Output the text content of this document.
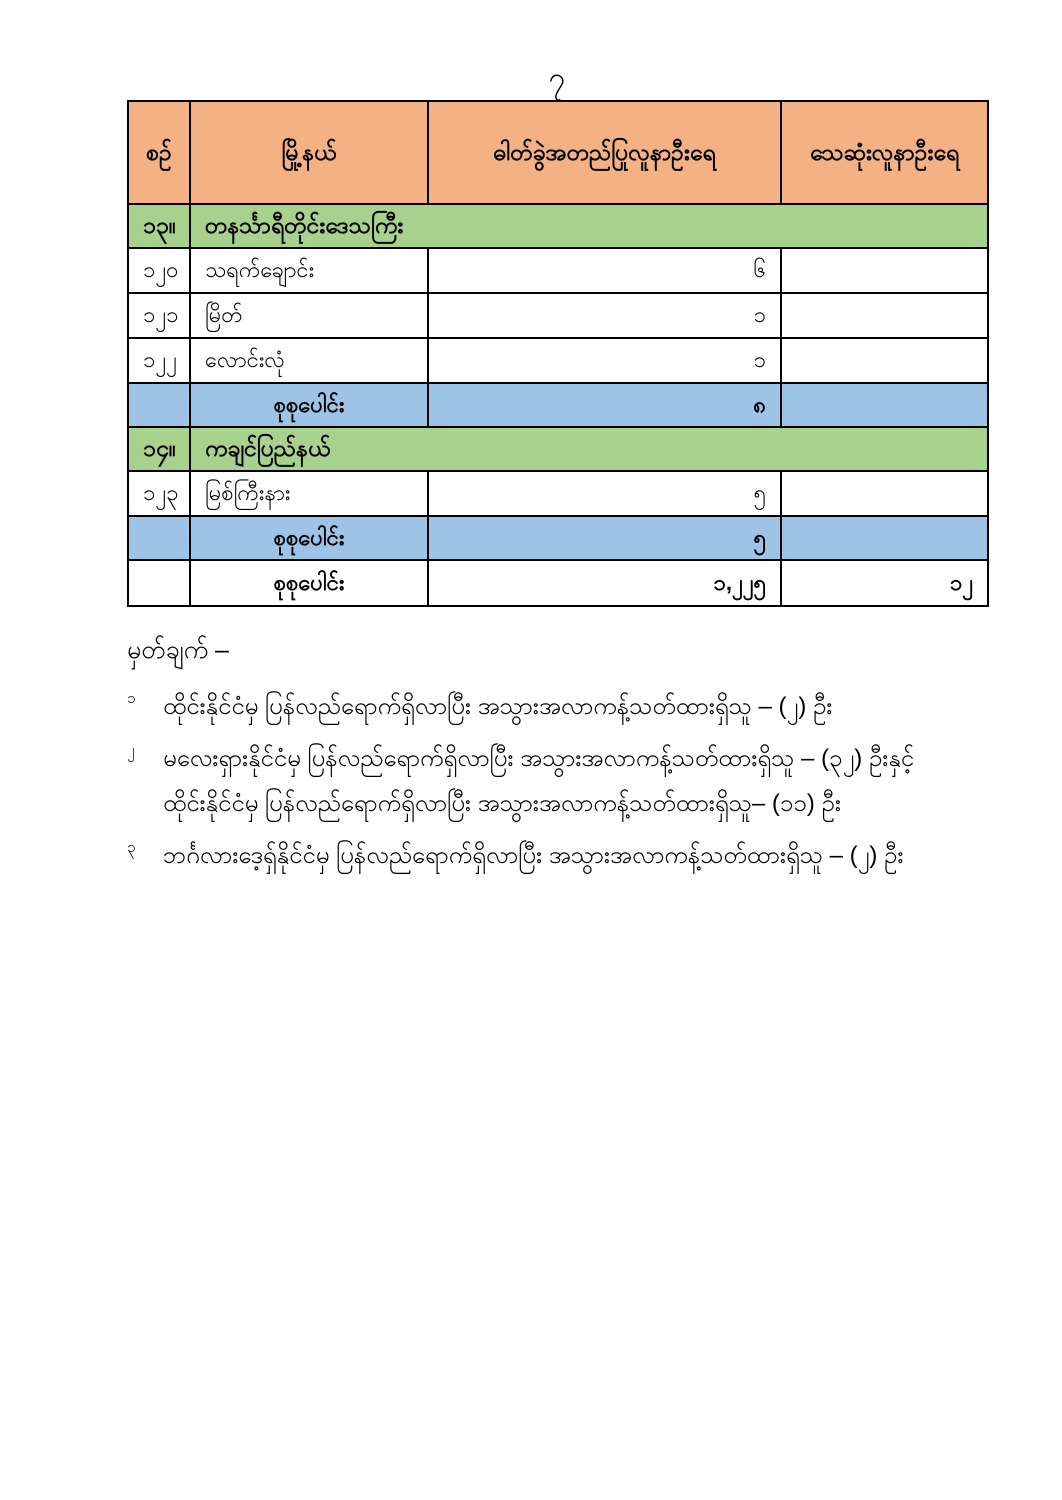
၇
စဉ်	မြို့နယ်	ဓါတ်ခွဲအတည်ပြုလူနာဦးရေ	သေဆုံးလူနာဦးရေ
၁၃။	တနင်္သာရီတိုင်းဒေသကြီး		
၁၂၀	သရက်ချောင်း	၆	
၁၂၁	မြိတ်	၁	
၁၂၂	လောင်းလုံ	၁	
	စုစုပေါင်း	၈	
၁၄။	ကချင်ပြည်နယ်		
၁၂၃	မြစ်ကြီးနား	၅	
	စုစုပေါင်း	၅	
	စုစုပေါင်း	၁,၂၂၅	၁၂
မှတ်ချက် –
၁	ထိုင်းနိုင်ငံမှ ပြန်လည်ရောက်ရှိလာပြီး အသွားအလာကန့်သတ်ထားရှိသူ – (၂) ဦး
၂	မလေးရှားနိုင်ငံမှ ပြန်လည်ရောက်ရှိလာပြီး အသွားအလာကန့်သတ်ထားရှိသူ – (၃၂) ဦးနှင့်
ထိုင်းနိုင်ငံမှ ပြန်လည်ရောက်ရှိလာပြီး အသွားအလာကန့်သတ်ထားရှိသူ– (၁၁) ဦး
၃	ဘင်္ဂလားဒေ့ရှ်နိုင်ငံမှ ပြန်လည်ရောက်ရှိလာပြီး အသွားအလာကန့်သတ်ထားရှိသူ – (၂) ဦး
